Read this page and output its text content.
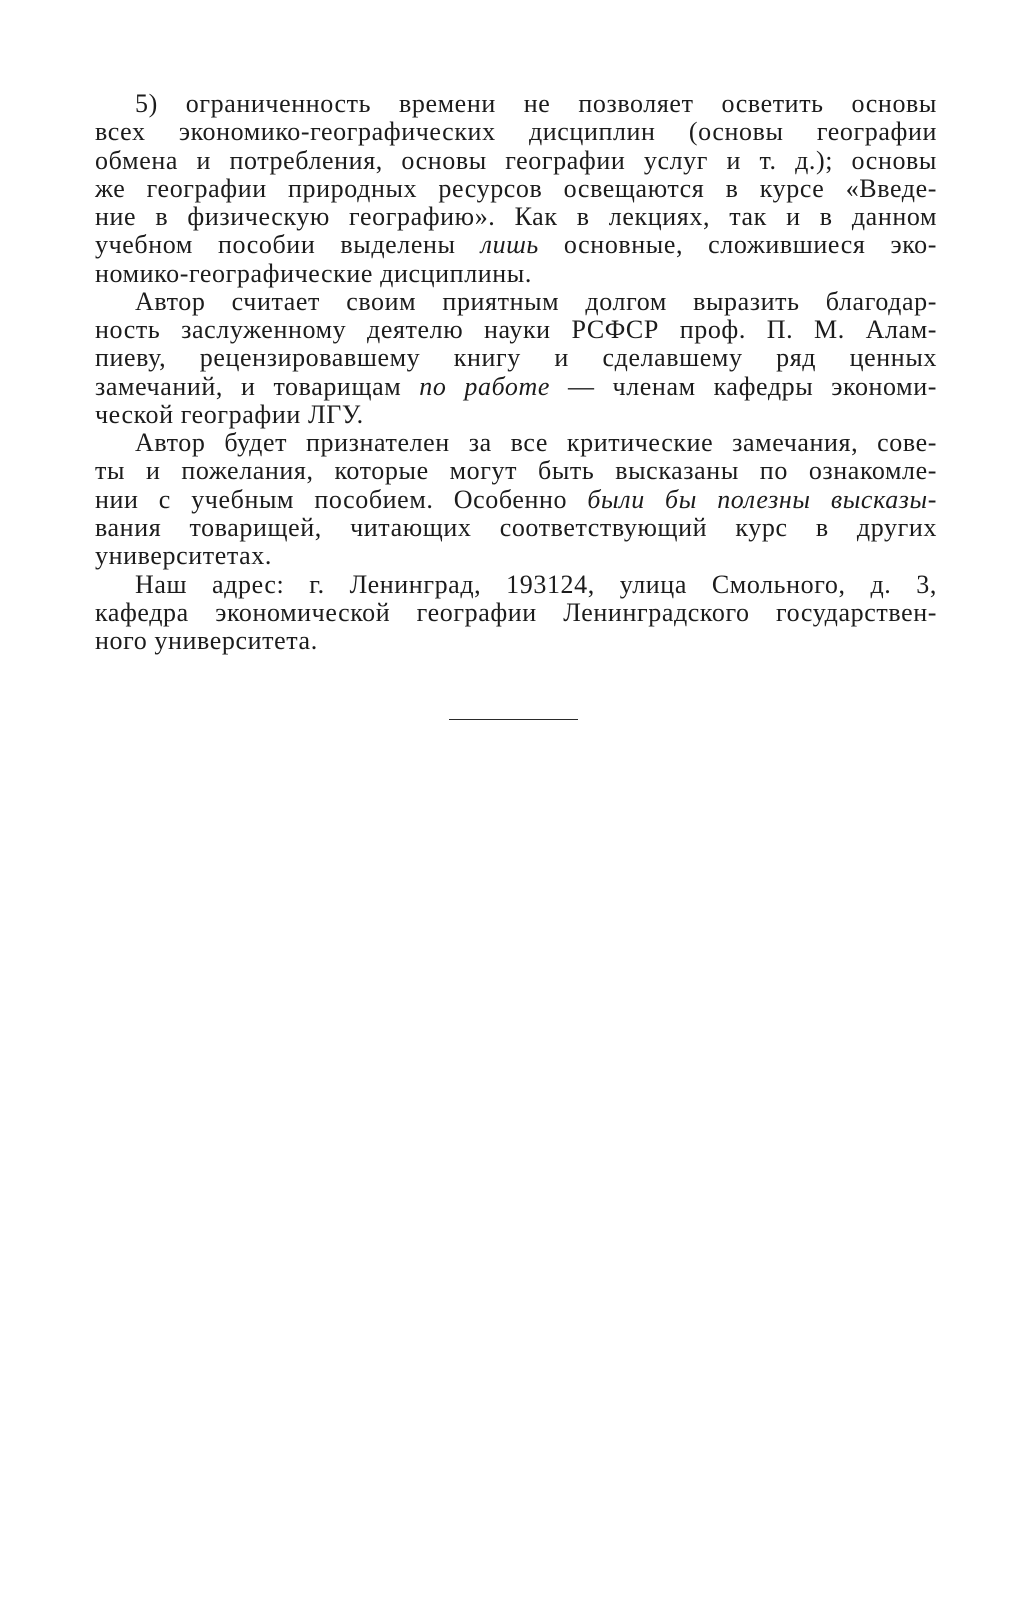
5) ограниченность времени не позволяет осветить основы
всех экономико-географических дисциплин (основы географии
обмена и потребления, основы географии услуг и т. д.); основы
же географии природных ресурсов освещаются в курсе «Введе-
ние в физическую географию». Как в лекциях, так и в данном
учебном пособии выделены лишь основные, сложившиеся эко-
номико-географические дисциплины.
Автор считает своим приятным долгом выразить благодар-
ность заслуженному деятелю науки РСФСР проф. П. М. Алам-
пиеву, рецензировавшему книгу и сделавшему ряд ценных
замечаний, и товарищам по работе — членам кафедры экономи-
ческой географии ЛГУ.
Автор будет признателен за все критические замечания, сове-
ты и пожелания, которые могут быть высказаны по ознакомле-
нии с учебным пособием. Особенно были бы полезны высказы-
вания товарищей, читающих соответствующий курс в других
университетах.
Наш адрес: г. Ленинград, 193124, улица Смольного, д. 3,
кафедра экономической географии Ленинградского государствен-
ного университета.
